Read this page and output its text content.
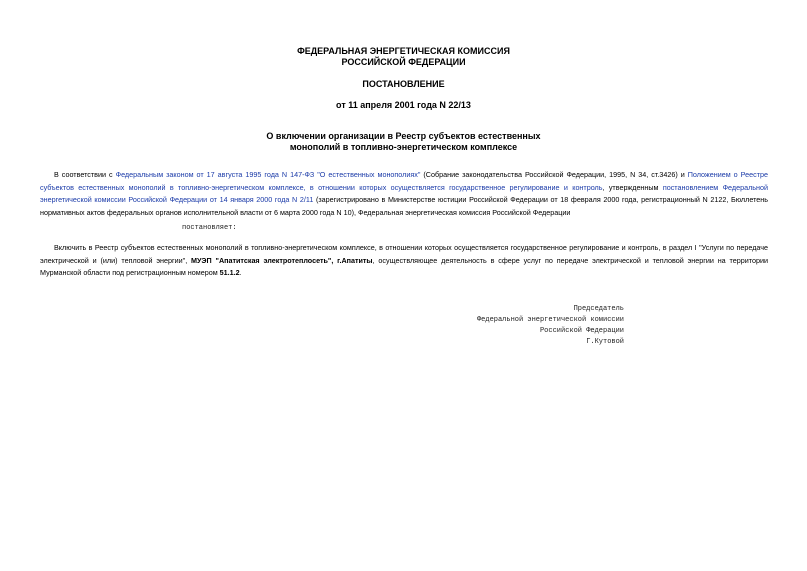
ФЕДЕРАЛЬНАЯ ЭНЕРГЕТИЧЕСКАЯ КОМИССИЯ
РОССИЙСКОЙ ФЕДЕРАЦИИ
ПОСТАНОВЛЕНИЕ
от 11 апреля 2001 года N 22/13
О включении организации в Реестр субъектов естественных
монополий в топливно-энергетическом комплексе
В соответствии с Федеральным законом от 17 августа 1995 года N 147-ФЗ "О естественных монополиях" (Собрание законодательства Российской Федерации, 1995, N 34, ст.3426) и Положением о Реестре субъектов естественных монополий в топливно-энергетическом комплексе, в отношении которых осуществляется государственное регулирование и контроль, утвержденным постановлением Федеральной энергетической комиссии Российской Федерации от 14 января 2000 года N 2/11 (зарегистрировано в Министерстве юстиции Российской Федерации от 18 февраля 2000 года, регистрационный N 2122, Бюллетень нормативных актов федеральных органов исполнительной власти от 6 марта 2000 года N 10), Федеральная энергетическая комиссия Российской Федерации
постановляет:
Включить в Реестр субъектов естественных монополий в топливно-энергетическом комплексе, в отношении которых осуществляется государственное регулирование и контроль, в раздел I "Услуги по передаче электрической и (или) тепловой энергии", МУЭП "Апатитская электротеплосеть", г.Апатиты, осуществляющее деятельность в сфере услуг по передаче электрической и тепловой энергии на территории Мурманской области под регистрационным номером 51.1.2.
Председатель
Федеральной энергетической комиссии
Российской Федерации
Г.Кутовой
